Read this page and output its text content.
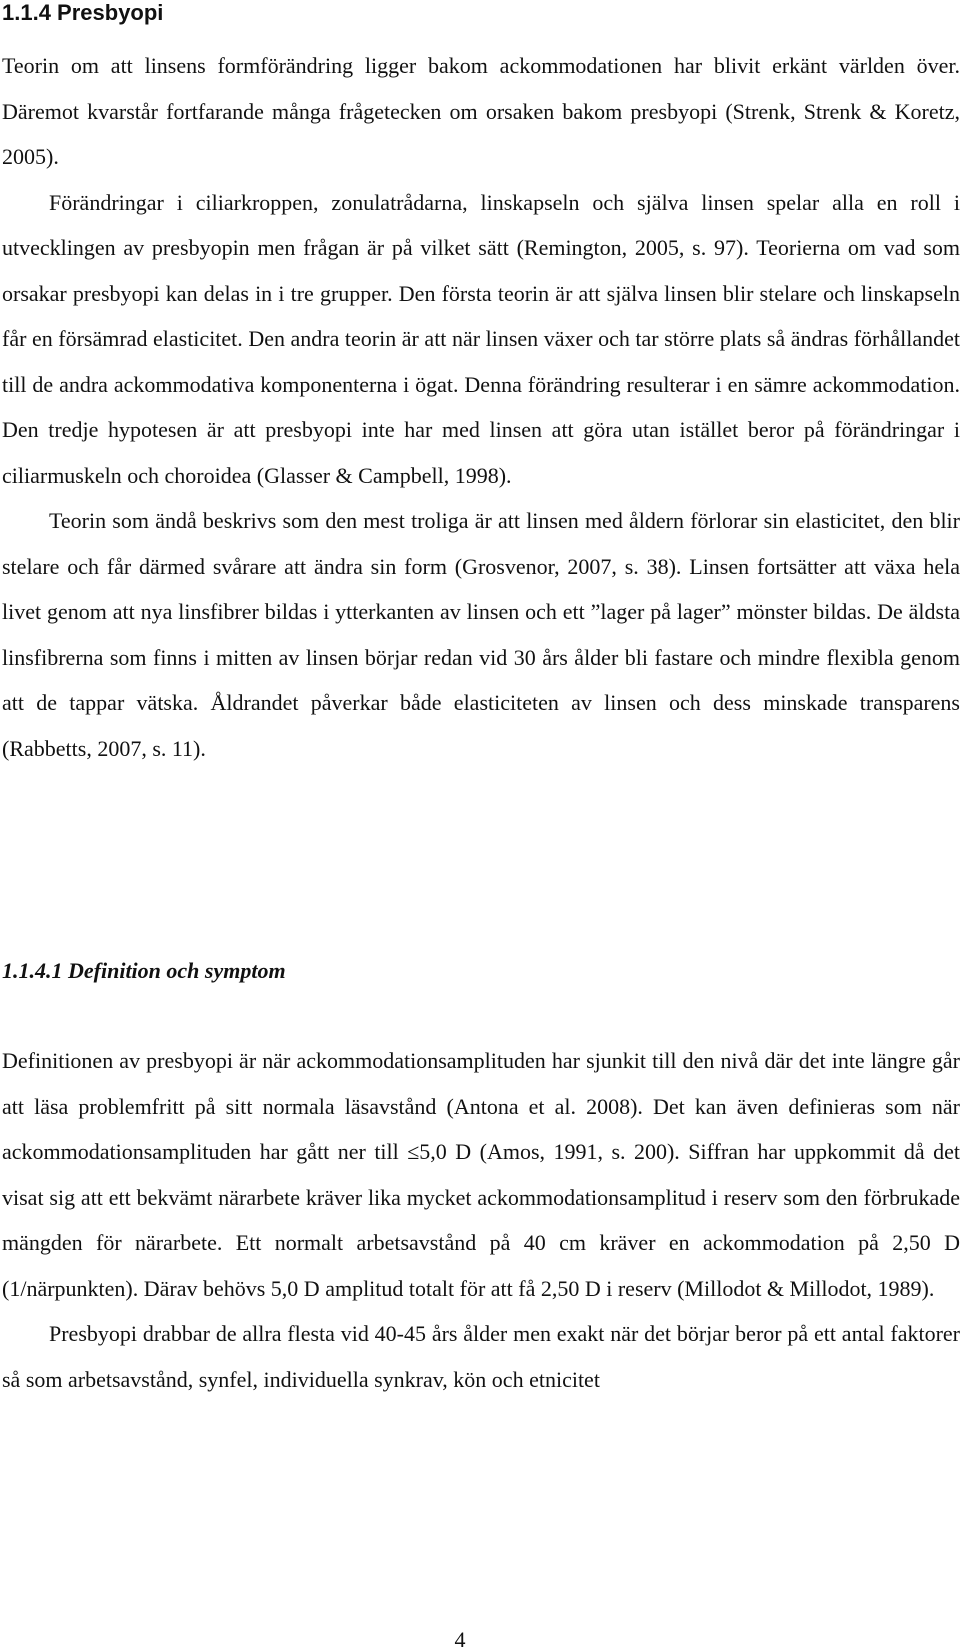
1.1.4 Presbyopi

Teorin om att linsens formförändring ligger bakom ackommodationen har blivit erkänt världen över. Däremot kvarstår fortfarande många frågetecken om orsaken bakom presbyopi (Strenk, Strenk & Koretz, 2005).

Förändringar i ciliarkroppen, zonulatrådarna, linskapseln och själva linsen spelar alla en roll i utvecklingen av presbyopin men frågan är på vilket sätt (Remington, 2005, s. 97). Teorierna om vad som orsakar presbyopi kan delas in i tre grupper. Den första teorin är att själva linsen blir stelare och linskapseln får en försämrad elasticitet. Den andra teorin är att när linsen växer och tar större plats så ändras förhållandet till de andra ackommodativa komponenterna i ögat. Denna förändring resulterar i en sämre ackommodation. Den tredje hypotesen är att presbyopi inte har med linsen att göra utan istället beror på förändringar i ciliarmuskeln och choroidea (Glasser & Campbell, 1998).

Teorin som ändå beskrivs som den mest troliga är att linsen med åldern förlorar sin elasticitet, den blir stelare och får därmed svårare att ändra sin form (Grosvenor, 2007, s. 38). Linsen fortsätter att växa hela livet genom att nya linsfibrer bildas i ytterkanten av linsen och ett ”lager på lager” mönster bildas. De äldsta linsfibrerna som finns i mitten av linsen börjar redan vid 30 års ålder bli fastare och mindre flexibla genom att de tappar vätska. Åldrandet påverkar både elasticiteten av linsen och dess minskade transparens (Rabbetts, 2007, s. 11).

1.1.4.1 Definition och symptom

Definitionen av presbyopi är när ackommodationsamplituden har sjunkit till den nivå där det inte längre går att läsa problemfritt på sitt normala läsavstånd (Antona et al. 2008). Det kan även definieras som när ackommodationsamplituden har gått ner till ≤5,0 D (Amos, 1991, s. 200). Siffran har uppkommit då det visat sig att ett bekvämt närarbete kräver lika mycket ackommodationsamplitud i reserv som den förbrukade mängden för närarbete. Ett normalt arbetsavstånd på 40 cm kräver en ackommodation på 2,50 D (1/närpunkten). Därav behövs 5,0 D amplitud totalt för att få 2,50 D i reserv (Millodot & Millodot, 1989).

Presbyopi drabbar de allra flesta vid 40-45 års ålder men exakt när det börjar beror på ett antal faktorer så som arbetsavstånd, synfel, individuella synkrav, kön och etnicitet

4
